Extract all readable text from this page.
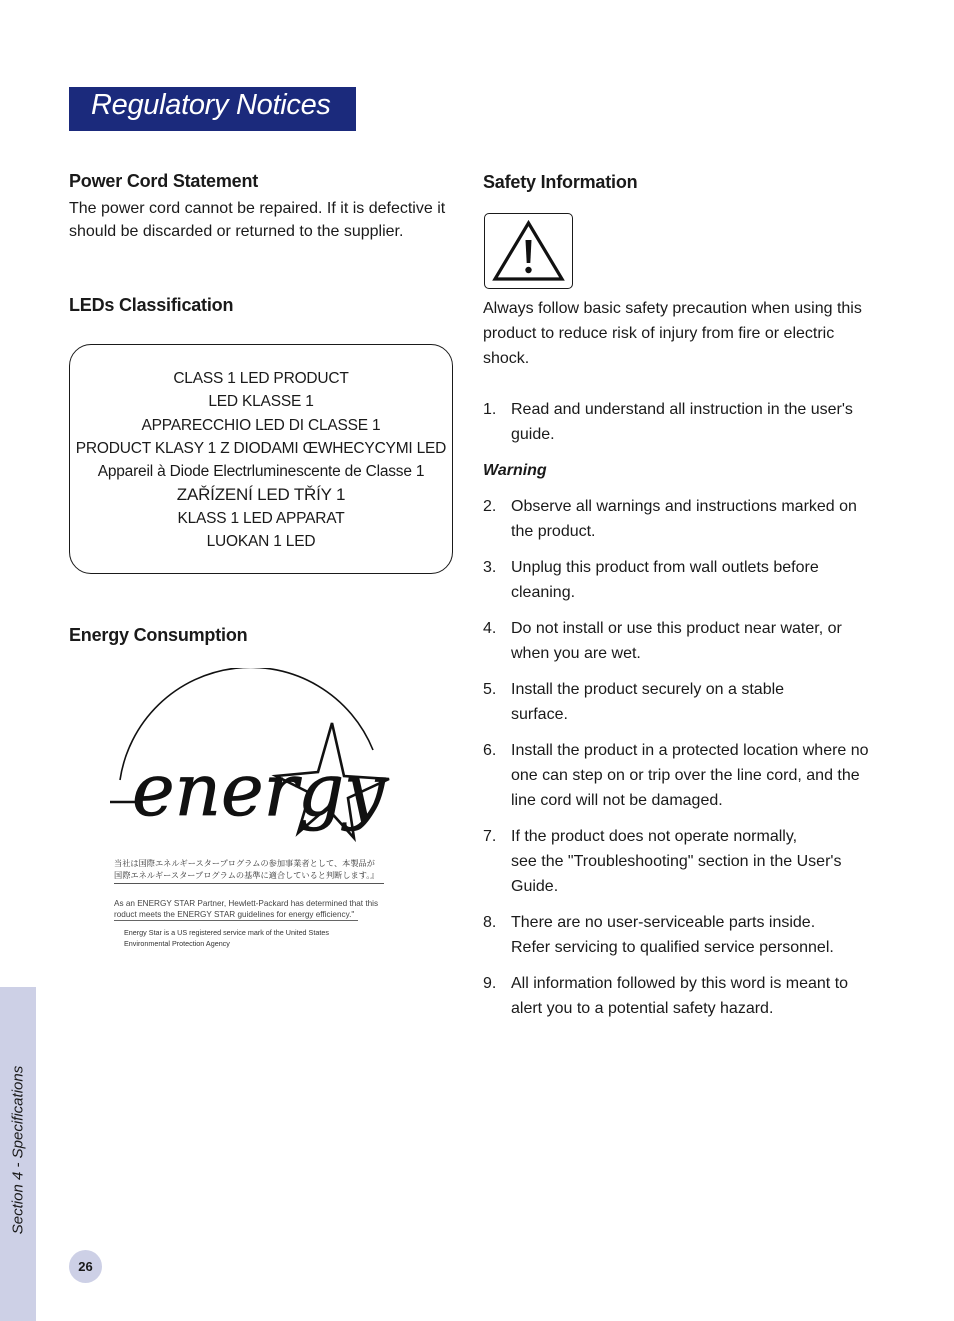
Regulatory Notices
Section 4 - Specifications
26
Power Cord Statement

The power cord cannot be repaired. If it is defective it
should be discarded or returned to the supplier.

LEDs Classification
CLASS 1 LED PRODUCT
LED KLASSE 1
APPARECCHIO LED DI CLASSE 1
PRODUCT KLASY 1 Z DIODAMI ŒWHECYCYMI LED
Appareil à Diode Electrluminescente de Classe 1
ZAŘÍZENÍ LED TŘÍY 1
KLASS 1 LED APPARAT
LUOKAN 1 LED
Energy Consumption
energy
当社は国際エネルギースタープログラムの参加事業者として、本製品が
国際エネルギースタープログラムの基準に適合していると判断します。』
As an ENERGY STAR Partner, Hewlett-Packard has determined that this
roduct meets the ENERGY STAR guidelines for energy efficiency."
Energy Star is a US registered service mark of the United States
Environmental Protection Agency
Safety Information

Always follow basic safety precaution when using this
product to reduce risk of injury from fire or electric
shock.

1. Read and understand all instruction in the user's guide.
Warning
2. Observe all warnings and instructions marked on the product.
3. Unplug this product from wall outlets before cleaning.
4. Do not install or use this product near water, or when you are wet.
5. Install the product securely on a stable
surface.
6. Install the product in a protected location where no one can step on or trip over the line cord, and the line cord will not be damaged.
7. If the product does not operate normally,
see the "Troubleshooting" section in the User's Guide.
8. There are no user-serviceable parts inside.
Refer servicing to qualified service personnel.
9. All information followed by this word is meant to alert you to a potential safety hazard.
